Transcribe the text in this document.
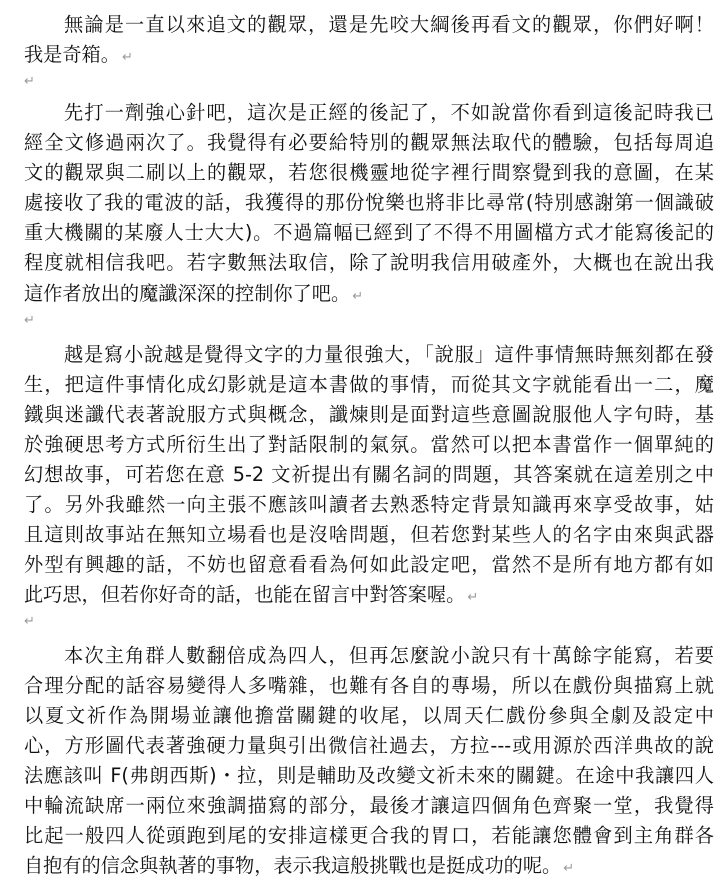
無論是一直以來追文的觀眾，還是先咬大綱後再看文的觀眾，你們好啊！
我是奇箱。 ↵
↵
先打一劑強心針吧，這次是正經的後記了，不如說當你看到這後記時我已
經全文修過兩次了。我覺得有必要給特別的觀眾無法取代的體驗，包括每周追
文的觀眾與二刷以上的觀眾，若您很機靈地從字裡行間察覺到我的意圖，在某
處接收了我的電波的話，我獲得的那份悅樂也將非比尋常(特別感謝第一個識破
重大機關的某廢人士大大)。不過篇幅已經到了不得不用圖檔方式才能寫後記的
程度就相信我吧。若字數無法取信，除了說明我信用破產外，大概也在說出我
這作者放出的魔讖深深的控制你了吧。 ↵
↵
越是寫小說越是覺得文字的力量很強大，「說服」這件事情無時無刻都在發
生，把這件事情化成幻影就是這本書做的事情，而從其文字就能看出一二，魔
鐵與迷讖代表著說服方式與概念，讖煉則是面對這些意圖說服他人字句時，基
於強硬思考方式所衍生出了對話限制的氣氛。當然可以把本書當作一個單純的
幻想故事，可若您在意 5-2 文祈提出有關名詞的問題，其答案就在這差別之中
了。另外我雖然一向主張不應該叫讀者去熟悉特定背景知識再來享受故事，姑
且這則故事站在無知立場看也是沒啥問題，但若您對某些人的名字由來與武器
外型有興趣的話，不妨也留意看看為何如此設定吧，當然不是所有地方都有如
此巧思，但若你好奇的話，也能在留言中對答案喔。 ↵
↵
本次主角群人數翻倍成為四人，但再怎麼說小說只有十萬餘字能寫，若要
合理分配的話容易變得人多嘴雜，也難有各自的專場，所以在戲份與描寫上就
以夏文祈作為開場並讓他擔當關鍵的收尾，以周天仁戲份參與全劇及設定中
心，方形圖代表著強硬力量與引出微信社過去，方拉---或用源於西洋典故的說
法應該叫 F(弗朗西斯)・拉，則是輔助及改變文祈未來的關鍵。在途中我讓四人
中輪流缺席一兩位來強調描寫的部分，最後才讓這四個角色齊聚一堂，我覺得
比起一般四人從頭跑到尾的安排這樣更合我的胃口，若能讓您體會到主角群各
自抱有的信念與執著的事物，表示我這般挑戰也是挺成功的呢。 ↵
